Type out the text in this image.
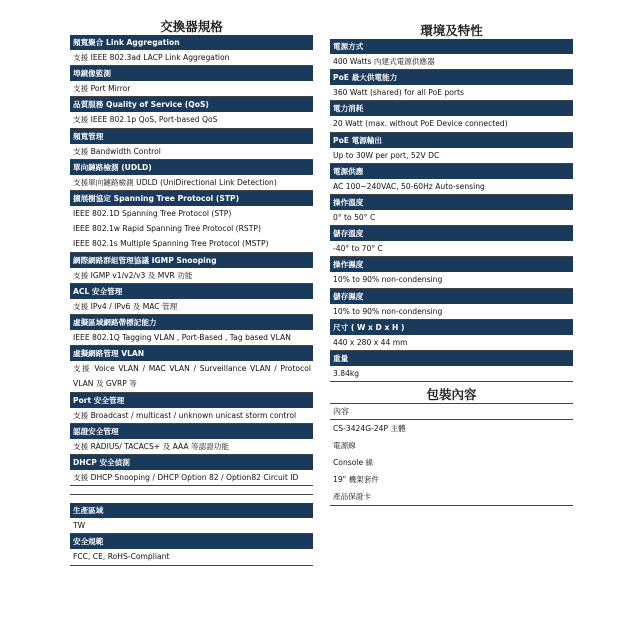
交換器規格
頻寬聚合 Link Aggregation
支援 IEEE 802.3ad LACP Link Aggregation
埠鏡像監測
支援 Port Mirror
品質服務 Quality of Service (QoS)
支援 IEEE 802.1p QoS, Port-based QoS
頻寬管理
支援 Bandwidth Control
單向鏈路檢測 (UDLD)
支援單向鏈路檢測 UDLD (UniDirectional Link Detection)
擴展樹協定 Spanning Tree Protocol (STP)
IEEE 802.1D Spanning Tree Protocol (STP)
IEEE 802.1w Rapid Spanning Tree Protocol (RSTP)
IEEE 802.1s Multiple Spanning Tree Protocol (MSTP)
網際網路群組管理協議 IGMP Snooping
支援 IGMP v1/v2/v3 及 MVR 功能
ACL 安全管理
支援 IPv4 / IPv6 及 MAC 管理
虛擬區域網路帶標記能力
IEEE 802.1Q Tagging VLAN , Port-Based , Tag based VLAN
虛擬網路管理 VLAN
支援 Voice VLAN / MAC VLAN / Surveillance VLAN / Protocol VLAN 及 GVRP 等
Port 安全管理
支援 Broadcast / multicast / unknown unicast storm control
認證安全管理
支援 RADIUS/ TACACS+ 及 AAA 等認證功能
DHCP 安全偵測
支援 DHCP Snooping / DHCP Option 82 / Option82 Circuit ID
生產區域
TW
安全規範
FCC, CE, RoHS-Compliant
環境及特性
電源方式
400 Watts 內建式電源供應器
PoE 最大供電能力
360 Watt (shared) for all PoE ports
電力消耗
20 Watt (max. without PoE Device connected)
PoE 電源輸出
Up to 30W per port, 52V DC
電源供應
AC 100~240VAC, 50-60Hz Auto-sensing
操作溫度
0° to 50° C
儲存溫度
-40° to 70° C
操作濕度
10% to 90% non-condensing
儲存濕度
10% to 90% non-condensing
尺寸 ( W x D x H )
440 x 280 x 44 mm
重量
3.84kg
包裝內容
內容
CS-3424G-24P 主體
電源線
Console 線
19" 機架套件
產品保證卡
